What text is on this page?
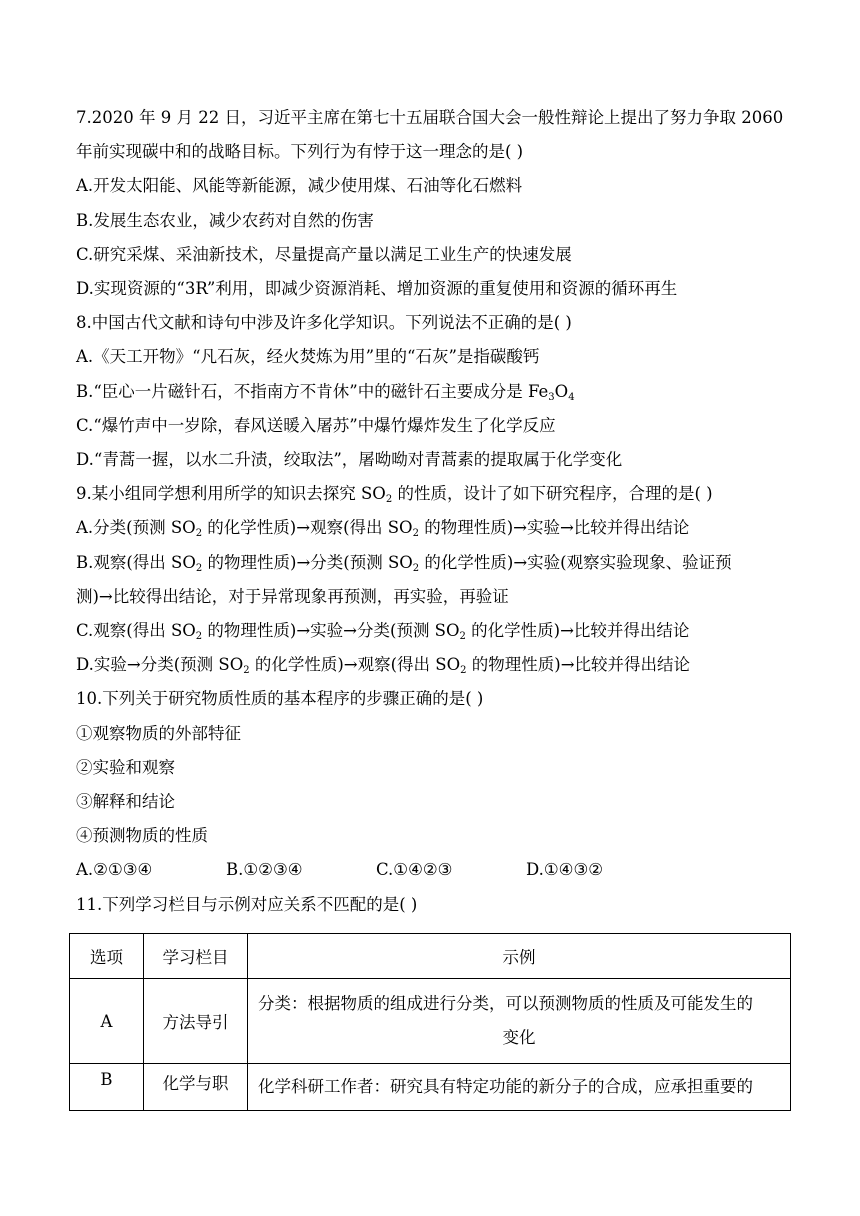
7.2020 年 9 月 22 日，习近平主席在第七十五届联合国大会一般性辩论上提出了努力争取 2060
年前实现碳中和的战略目标。下列行为有悖于这一理念的是( )
A.开发太阳能、风能等新能源，减少使用煤、石油等化石燃料
B.发展生态农业，减少农药对自然的伤害
C.研究采煤、采油新技术，尽量提高产量以满足工业生产的快速发展
D.实现资源的“3R”利用，即减少资源消耗、增加资源的重复使用和资源的循环再生
8.中国古代文献和诗句中涉及许多化学知识。下列说法不正确的是( )
A.《天工开物》“凡石灰，经火焚炼为用”里的“石灰”是指碳酸钙
B.“臣心一片磁针石，不指南方不肯休”中的磁针石主要成分是 $Fe_3O_4$
C.“爆竹声中一岁除，春风送暖入屠苏”中爆竹爆炸发生了化学反应
D.“青蒿一握，以水二升渍，绞取法”，屠呦呦对青蒿素的提取属于化学变化
9.某小组同学想利用所学的知识去探究 $SO_2$ 的性质，设计了如下研究程序，合理的是( )
A.分类(预测 $SO_2$ 的化学性质)→观察(得出 $SO_2$ 的物理性质)→实验→比较并得出结论
B.观察(得出 $SO_2$ 的物理性质)→分类(预测 $SO_2$ 的化学性质)→实验(观察实验现象、验证预
测)→比较得出结论，对于异常现象再预测，再实验，再验证
C.观察(得出 $SO_2$ 的物理性质)→实验→分类(预测 $SO_2$ 的化学性质)→比较并得出结论
D.实验→分类(预测 $SO_2$ 的化学性质)→观察(得出 $SO_2$ 的物理性质)→比较并得出结论
10.下列关于研究物质性质的基本程序的步骤正确的是( )
①观察物质的外部特征
②实验和观察
③解释和结论
④预测物质的性质
A.②①③④	B.①②③④	C.①④②③	D.①④③②
11.下列学习栏目与示例对应关系不匹配的是( )
选项	学习栏目	示例
A	方法导引	分类：根据物质的组成进行分类，可以预测物质的性质及可能发生的
变化

B	化学与职	化学科研工作者：研究具有特定功能的新分子的合成，应承担重要的
